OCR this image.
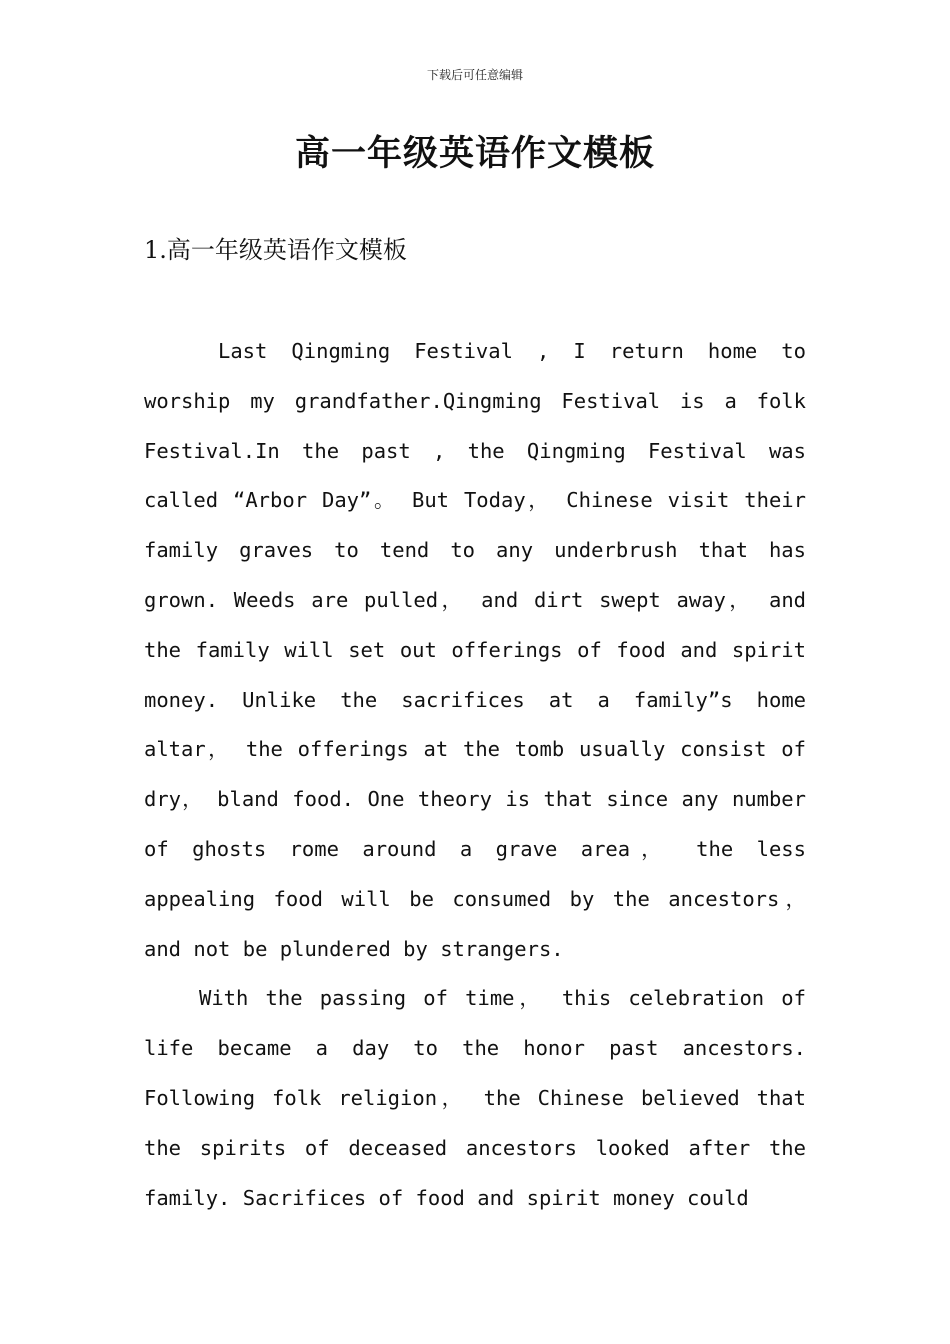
下载后可任意编辑
高一年级英语作文模板
1.高一年级英语作文模板

Last Qingming Festival , I return home to worship my grandfather.Qingming Festival is a folk Festival.In the past , the Qingming Festival was called “Arbor Day”。 But Today， Chinese visit their family graves to tend to any underbrush that has grown. Weeds are pulled， and dirt swept away， and the family will set out offerings of food and spirit money. Unlike the sacrifices at a family”s home altar， the offerings at the tomb usually consist of dry， bland food. One theory is that since any number of ghosts rome around a grave area， the less appealing food will be consumed by the ancestors， and not be plundered by strangers.

With the passing of time， this celebration of life became a day to the honor past ancestors. Following folk religion， the Chinese believed that the spirits of deceased ancestors looked after the family. Sacrifices of food and spirit money could
